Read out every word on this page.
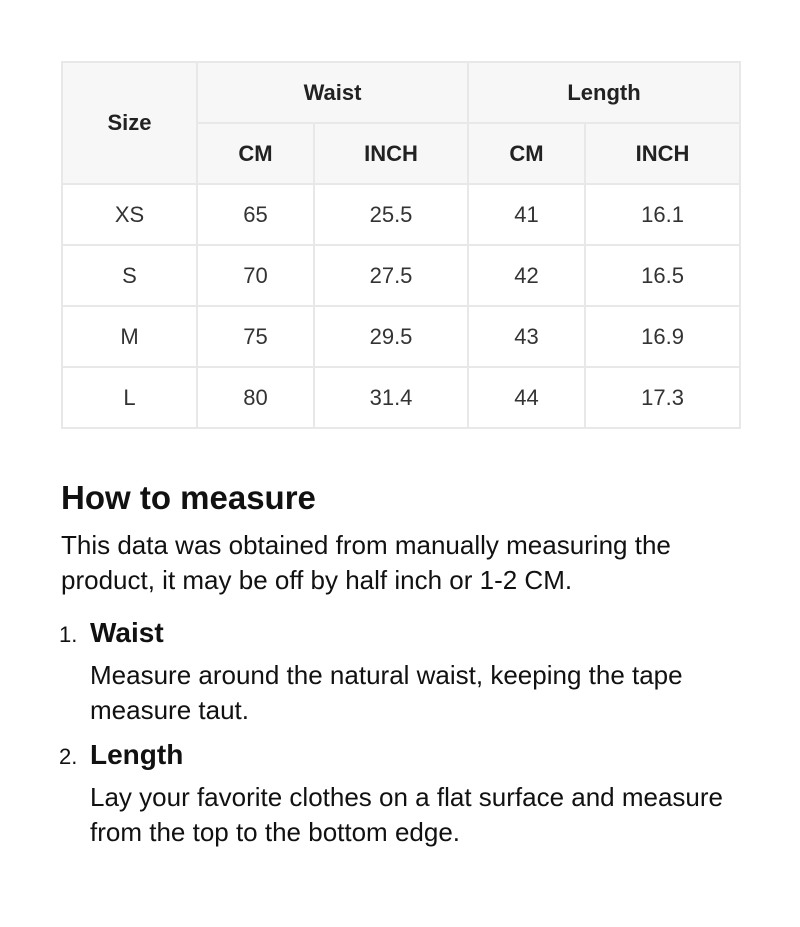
Size	Waist		Length	
	CM	INCH	CM	INCH
XS	65	25.5	41	16.1
S	70	27.5	42	16.5
M	75	29.5	43	16.9
L	80	31.4	44	17.3
How to measure

This data was obtained from manually measuring the product, it may be off by half inch or 1-2 CM.

1. Waist
Measure around the natural waist, keeping the tape measure taut.
2. Length
Lay your favorite clothes on a flat surface and measure from the top to the bottom edge.
